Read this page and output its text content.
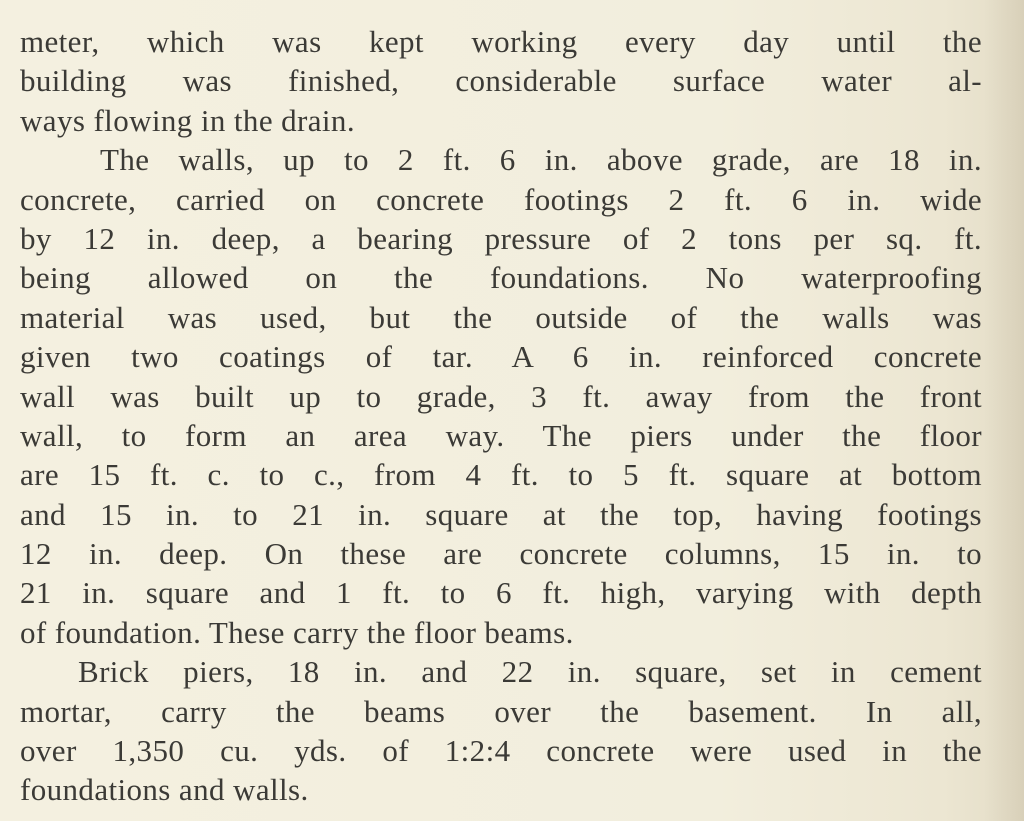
meter, which was kept working every day until the
building was finished, considerable surface water al-
ways flowing in the drain.
The walls, up to 2 ft. 6 in. above grade, are 18 in.
concrete, carried on concrete footings 2 ft. 6 in. wide
by 12 in. deep, a bearing pressure of 2 tons per sq. ft.
being allowed on the foundations. No waterproofing
material was used, but the outside of the walls was
given two coatings of tar. A 6 in. reinforced concrete
wall was built up to grade, 3 ft. away from the front
wall, to form an area way. The piers under the floor
are 15 ft. c. to c., from 4 ft. to 5 ft. square at bottom
and 15 in. to 21 in. square at the top, having footings
12 in. deep. On these are concrete columns, 15 in. to
21 in. square and 1 ft. to 6 ft. high, varying with depth
of foundation. These carry the floor beams.
Brick piers, 18 in. and 22 in. square, set in cement
mortar, carry the beams over the basement. In all,
over 1,350 cu. yds. of 1:2:4 concrete were used in the
foundations and walls.
